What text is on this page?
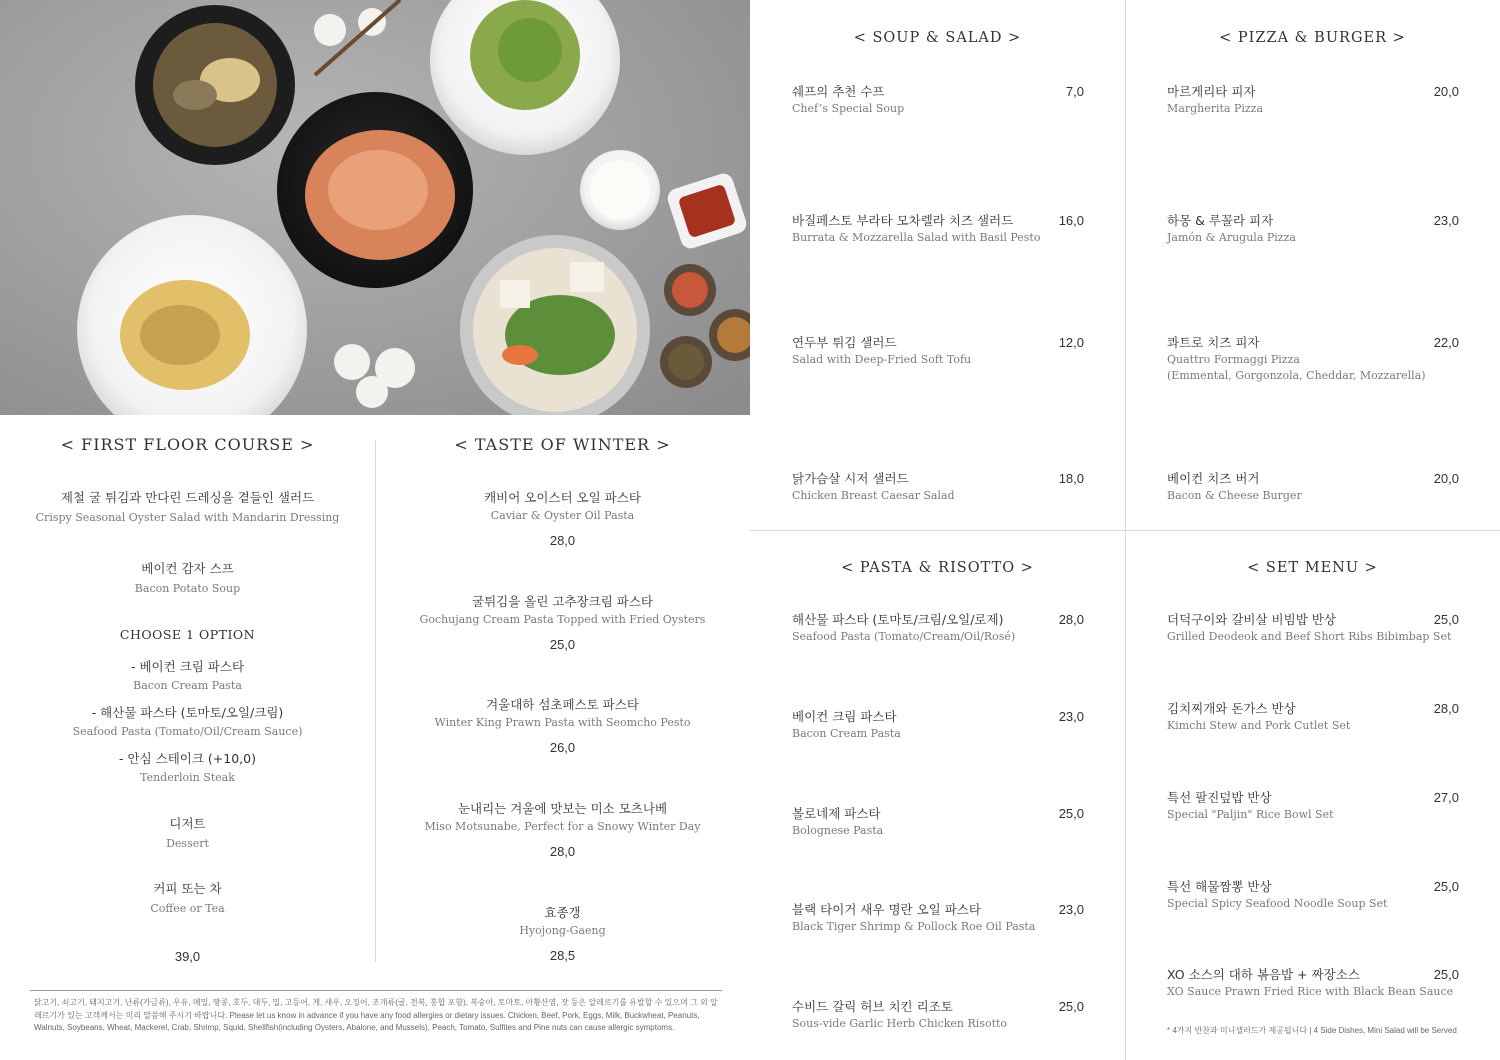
< FIRST FLOOR COURSE >
제철 굴 튀김과 만다린 드레싱을 곁들인 샐러드
Crispy Seasonal Oyster Salad with Mandarin Dressing
베이컨 감자 스프
Bacon Potato Soup
CHOOSE 1 OPTION
- 베이컨 크림 파스타
Bacon Cream Pasta
- 해산물 파스타 (토마토/오일/크림)
Seafood Pasta (Tomato/Oil/Cream Sauce)
- 안심 스테이크 (+10,0)
Tenderloin Steak
디저트
Dessert
커피 또는 차
Coffee or Tea
39,0
< TASTE OF WINTER >
캐비어 오이스터 오일 파스타
Caviar & Oyster Oil Pasta
28,0
굴튀김을 올린 고추장크림 파스타
Gochujang Cream Pasta Topped with Fried Oysters
25,0
겨울대하 섬초페스토 파스타
Winter King Prawn Pasta with Seomcho Pesto
26,0
눈내리는 겨울에 맛보는 미소 모츠나베
Miso Motsunabe, Perfect for a Snowy Winter Day
28,0
효종갱
Hyojong-Gaeng
28,5
닭고기, 쇠고기, 돼지고기, 난류(가금류), 우유, 메밀, 땅콩, 호두, 대두, 밀, 고등어, 게, 새우, 오징어, 조개류(굴, 전복, 홍합 포함), 복숭아, 토마토, 아황산염, 잣 등은 알레르기를 유발할 수 있으며 그 외 알레르기가 있는 고객께서는 미리 말씀해 주시기 바랍니다. Please let us know in advance if you have any food allergies or dietary issues. Chicken, Beef, Pork, Eggs, Milk, Buckwheat, Peanuts, Walnuts, Soybeans, Wheat, Mackerel, Crab, Shrimp, Squid, Shellfish(including Oysters, Abalone, and Mussels), Peach, Tomato, Sulfites and Pine nuts can cause allergic symptoms.
< SOUP & SALAD >
쉐프의 추천 수프
Chef’s Special Soup
7,0
바질페스토 부라타 모차렐라 치즈 샐러드
Burrata & Mozzarella Salad with Basil Pesto
16,0
연두부 튀김 샐러드
Salad with Deep-Fried Soft Tofu
12,0
닭가슴살 시저 샐러드
Chicken Breast Caesar Salad
18,0
< PIZZA & BURGER >
마르게리타 피자
Margherita Pizza
20,0
하몽 & 루꼴라 피자
Jamón & Arugula Pizza
23,0
콰트로 치즈 피자
Quattro Formaggi Pizza
(Emmental, Gorgonzola, Cheddar, Mozzarella)
22,0
베이컨 치즈 버거
Bacon & Cheese Burger
20,0
< PASTA & RISOTTO >
해산물 파스타 (토마토/크림/오일/로제)
Seafood Pasta (Tomato/Cream/Oil/Rosé)
28,0
베이컨 크림 파스타
Bacon Cream Pasta
23,0
볼로네제 파스타
Bolognese Pasta
25,0
블랙 타이거 새우 명란 오일 파스타
Black Tiger Shrimp & Pollock Roe Oil Pasta
23,0
수비드 갈릭 허브 치킨 리조토
Sous-vide Garlic Herb Chicken Risotto
25,0
< SET MENU >
더덕구이와 갈비살 비빔밥 반상
Grilled Deodeok and Beef Short Ribs Bibimbap Set
25,0
김치찌개와 돈가스 반상
Kimchi Stew and Pork Cutlet Set
28,0
특선 팔진덮밥 반상
Special "Paljin" Rice Bowl Set
27,0
특선 해물짬뽕 반상
Special Spicy Seafood Noodle Soup Set
25,0
XO 소스의 대하 볶음밥 + 짜장소스
XO Sauce Prawn Fried Rice with Black Bean Sauce
25,0
* 4가지 반찬과 미니샐러드가 제공됩니다 | 4 Side Dishes, Mini Salad will be Served
